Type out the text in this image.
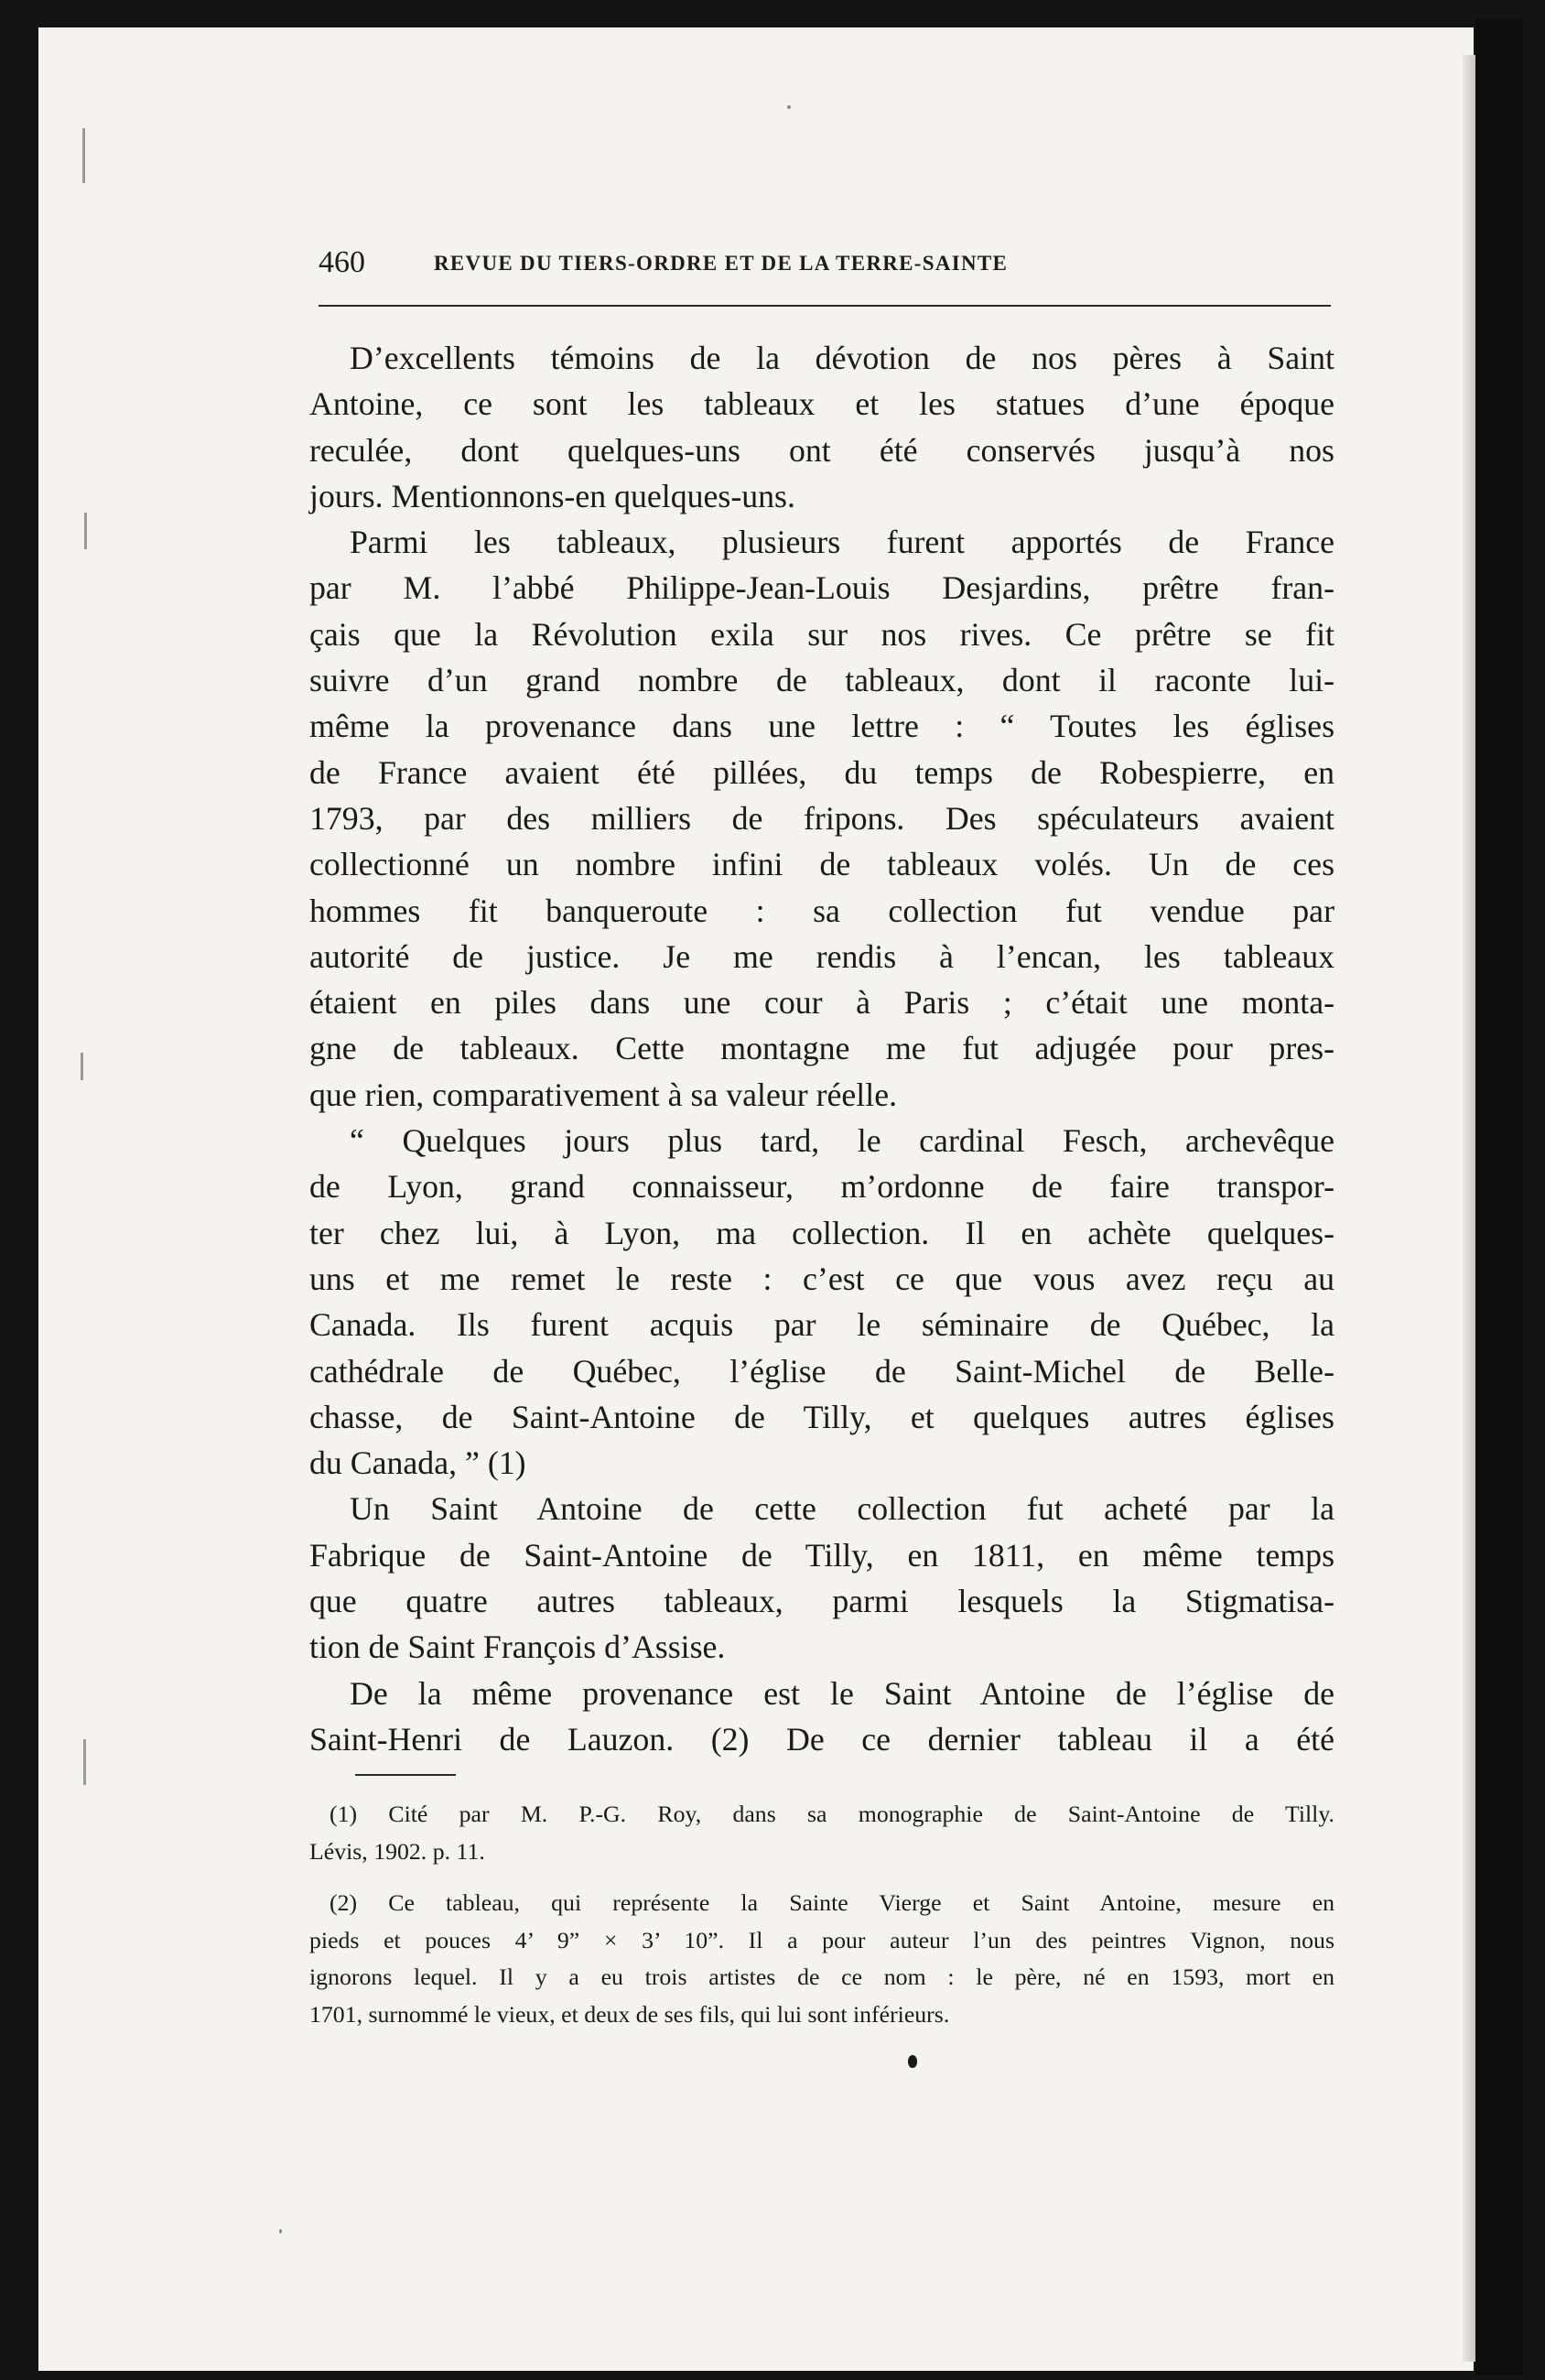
460	REVUE DU TIERS-ORDRE ET DE LA TERRE-SAINTE
D’excellents témoins de la dévotion de nos pères à Saint
Antoine, ce sont les tableaux et les statues d’une époque
reculée, dont quelques-uns ont été conservés jusqu’à nos
jours. Mentionnons-en quelques-uns.
Parmi les tableaux, plusieurs furent apportés de France
par M. l’abbé Philippe-Jean-Louis Desjardins, prêtre fran-
çais que la Révolution exila sur nos rives. Ce prêtre se fit
suivre d’un grand nombre de tableaux, dont il raconte lui-
même la provenance dans une lettre : “ Toutes les églises
de France avaient été pillées, du temps de Robespierre, en
1793, par des milliers de fripons. Des spéculateurs avaient
collectionné un nombre infini de tableaux volés. Un de ces
hommes fit banqueroute : sa collection fut vendue par
autorité de justice. Je me rendis à l’encan, les tableaux
étaient en piles dans une cour à Paris ; c’était une monta-
gne de tableaux. Cette montagne me fut adjugée pour pres-
que rien, comparativement à sa valeur réelle.
“ Quelques jours plus tard, le cardinal Fesch, archevêque
de Lyon, grand connaisseur, m’ordonne de faire transpor-
ter chez lui, à Lyon, ma collection. Il en achète quelques-
uns et me remet le reste : c’est ce que vous avez reçu au
Canada. Ils furent acquis par le séminaire de Québec, la
cathédrale de Québec, l’église de Saint-Michel de Belle-
chasse, de Saint-Antoine de Tilly, et quelques autres églises
du Canada, ” (1)
Un Saint Antoine de cette collection fut acheté par la
Fabrique de Saint-Antoine de Tilly, en 1811, en même temps
que quatre autres tableaux, parmi lesquels la Stigmatisa-
tion de Saint François d’Assise.
De la même provenance est le Saint Antoine de l’église de
Saint-Henri de Lauzon. (2) De ce dernier tableau il a été
(1) Cité par M. P.-G. Roy, dans sa monographie de Saint-Antoine de Tilly.
Lévis, 1902. p. 11.
(2) Ce tableau, qui représente la Sainte Vierge et Saint Antoine, mesure en
pieds et pouces 4’ 9” × 3’ 10”. Il a pour auteur l’un des peintres Vignon, nous
ignorons lequel. Il y a eu trois artistes de ce nom : le père, né en 1593, mort en
1701, surnommé le vieux, et deux de ses fils, qui lui sont inférieurs.
